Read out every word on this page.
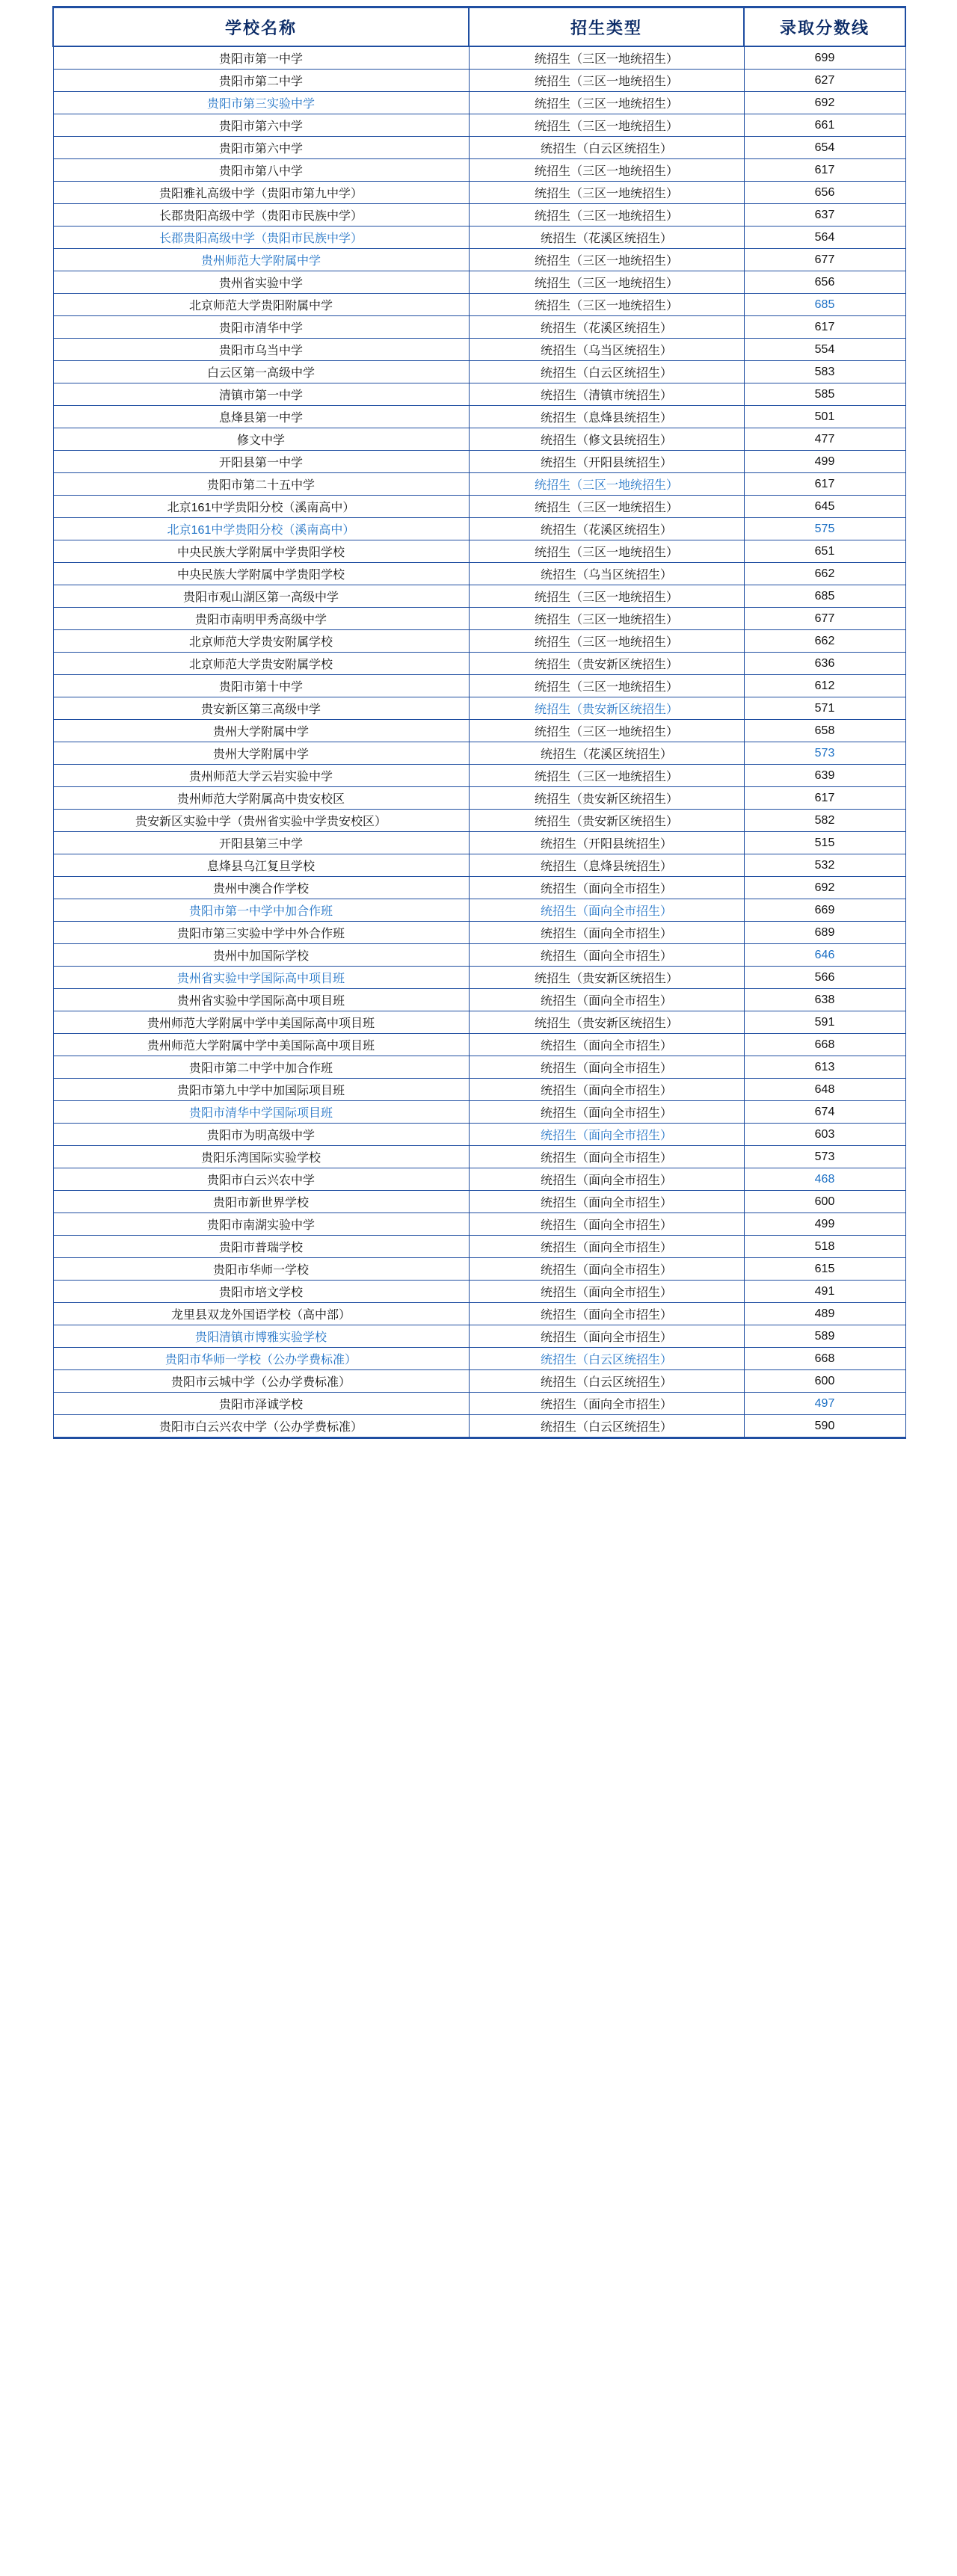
学校名称	招生类型	录取分数线
贵阳市第一中学	统招生（三区一地统招生）	699
贵阳市第二中学	统招生（三区一地统招生）	627
贵阳市第三实验中学	统招生（三区一地统招生）	692
贵阳市第六中学	统招生（三区一地统招生）	661
贵阳市第六中学	统招生（白云区统招生）	654
贵阳市第八中学	统招生（三区一地统招生）	617
贵阳雅礼高级中学（贵阳市第九中学）	统招生（三区一地统招生）	656
长郡贵阳高级中学（贵阳市民族中学）	统招生（三区一地统招生）	637
长郡贵阳高级中学（贵阳市民族中学）	统招生（花溪区统招生）	564
贵州师范大学附属中学	统招生（三区一地统招生）	677
贵州省实验中学	统招生（三区一地统招生）	656
北京师范大学贵阳附属中学	统招生（三区一地统招生）	685
贵阳市清华中学	统招生（花溪区统招生）	617
贵阳市乌当中学	统招生（乌当区统招生）	554
白云区第一高级中学	统招生（白云区统招生）	583
清镇市第一中学	统招生（清镇市统招生）	585
息烽县第一中学	统招生（息烽县统招生）	501
修文中学	统招生（修文县统招生）	477
开阳县第一中学	统招生（开阳县统招生）	499
贵阳市第二十五中学	统招生（三区一地统招生）	617
北京161中学贵阳分校（溪南高中）	统招生（三区一地统招生）	645
北京161中学贵阳分校（溪南高中）	统招生（花溪区统招生）	575
中央民族大学附属中学贵阳学校	统招生（三区一地统招生）	651
中央民族大学附属中学贵阳学校	统招生（乌当区统招生）	662
贵阳市观山湖区第一高级中学	统招生（三区一地统招生）	685
贵阳市南明甲秀高级中学	统招生（三区一地统招生）	677
北京师范大学贵安附属学校	统招生（三区一地统招生）	662
北京师范大学贵安附属学校	统招生（贵安新区统招生）	636
贵阳市第十中学	统招生（三区一地统招生）	612
贵安新区第三高级中学	统招生（贵安新区统招生）	571
贵州大学附属中学	统招生（三区一地统招生）	658
贵州大学附属中学	统招生（花溪区统招生）	573
贵州师范大学云岩实验中学	统招生（三区一地统招生）	639
贵州师范大学附属高中贵安校区	统招生（贵安新区统招生）	617
贵安新区实验中学（贵州省实验中学贵安校区）	统招生（贵安新区统招生）	582
开阳县第三中学	统招生（开阳县统招生）	515
息烽县乌江复旦学校	统招生（息烽县统招生）	532
贵州中澳合作学校	统招生（面向全市招生）	692
贵阳市第一中学中加合作班	统招生（面向全市招生）	669
贵阳市第三实验中学中外合作班	统招生（面向全市招生）	689
贵州中加国际学校	统招生（面向全市招生）	646
贵州省实验中学国际高中项目班	统招生（贵安新区统招生）	566
贵州省实验中学国际高中项目班	统招生（面向全市招生）	638
贵州师范大学附属中学中美国际高中项目班	统招生（贵安新区统招生）	591
贵州师范大学附属中学中美国际高中项目班	统招生（面向全市招生）	668
贵阳市第二中学中加合作班	统招生（面向全市招生）	613
贵阳市第九中学中加国际项目班	统招生（面向全市招生）	648
贵阳市清华中学国际项目班	统招生（面向全市招生）	674
贵阳市为明高级中学	统招生（面向全市招生）	603
贵阳乐湾国际实验学校	统招生（面向全市招生）	573
贵阳市白云兴农中学	统招生（面向全市招生）	468
贵阳市新世界学校	统招生（面向全市招生）	600
贵阳市南湖实验中学	统招生（面向全市招生）	499
贵阳市普瑞学校	统招生（面向全市招生）	518
贵阳市华师一学校	统招生（面向全市招生）	615
贵阳市培文学校	统招生（面向全市招生）	491
龙里县双龙外国语学校（高中部）	统招生（面向全市招生）	489
贵阳清镇市博雅实验学校	统招生（面向全市招生）	589
贵阳市华师一学校（公办学费标准）	统招生（白云区统招生）	668
贵阳市云城中学（公办学费标准）	统招生（白云区统招生）	600
贵阳市泽诚学校	统招生（面向全市招生）	497
贵阳市白云兴农中学（公办学费标准）	统招生（白云区统招生）	590
